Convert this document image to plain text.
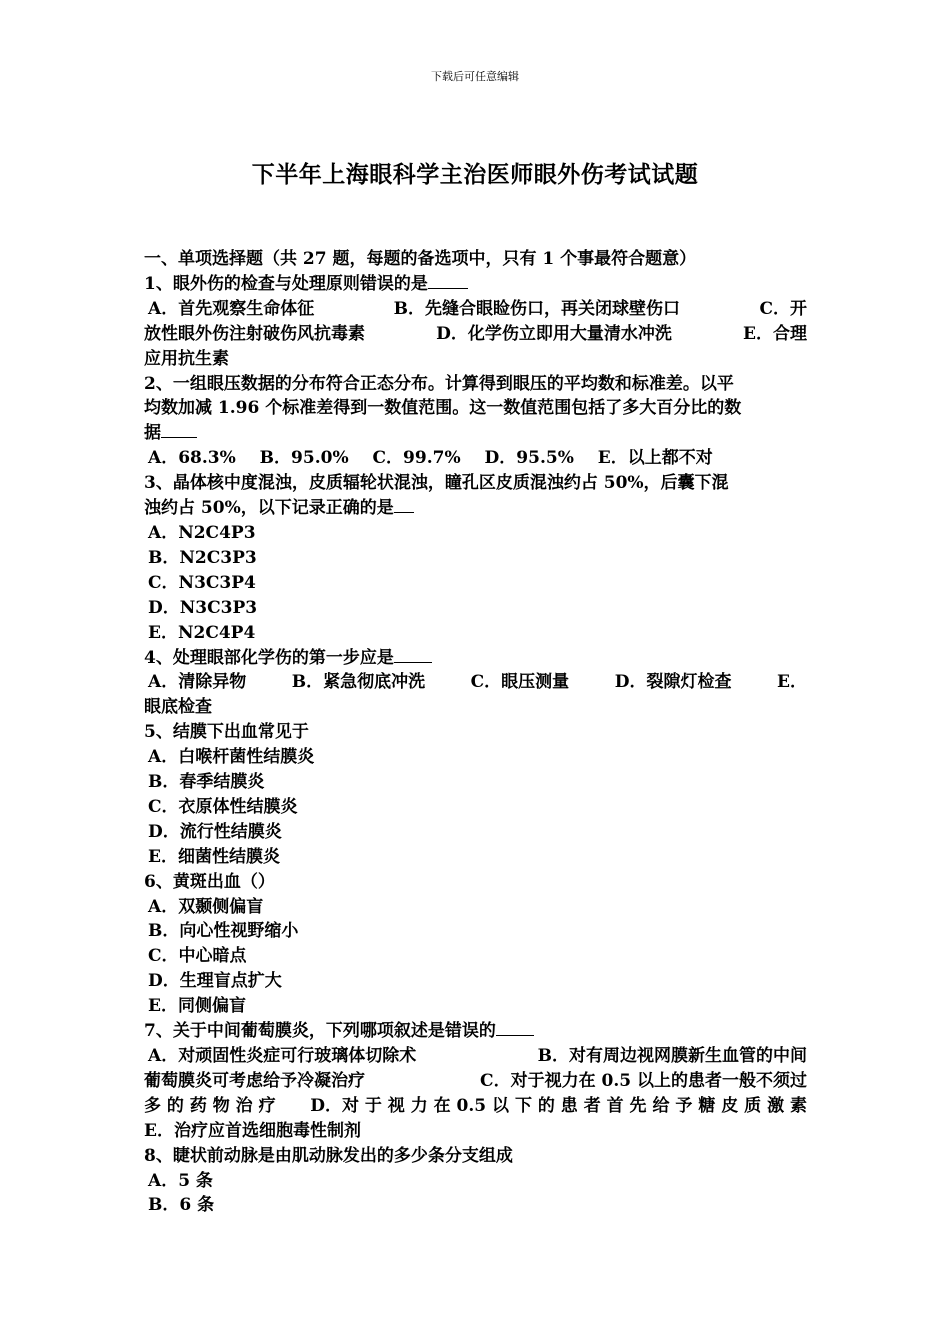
下载后可任意编辑
下半年上海眼科学主治医师眼外伤考试试题
一、单项选择题（共 27 题，每题的备选项中，只有 1 个事最符合题意）
1、眼外伤的检查与处理原则错误的是
A．首先观察生命体征	B．先缝合眼睑伤口，再关闭球壁伤口	C．开
放性眼外伤注射破伤风抗毒素	D．化学伤立即用大量清水冲洗	E．合理
应用抗生素
2、一组眼压数据的分布符合正态分布。计算得到眼压的平均数和标准差。以平
均数加减 1.96 个标准差得到一数值范围。这一数值范围包括了多大百分比的数
据
A．68.3% B．95.0% C．99.7% D．95.5% E．以上都不对
3、晶体核中度混浊，皮质辐轮状混浊，瞳孔区皮质混浊约占 50%，后囊下混
浊约占 50%，以下记录正确的是
A．N2C4P3
B．N2C3P3
C．N3C3P4
D．N3C3P3
E．N2C4P4
4、处理眼部化学伤的第一步应是
A．清除异物	B．紧急彻底冲洗	C．眼压测量	D．裂隙灯检查	E．
眼底检查
5、结膜下出血常见于
A．白喉杆菌性结膜炎
B．春季结膜炎
C．衣原体性结膜炎
D．流行性结膜炎
E．细菌性结膜炎
6、黄斑出血（）
A．双颞侧偏盲
B．向心性视野缩小
C．中心暗点
D．生理盲点扩大
E．同侧偏盲
7、关于中间葡萄膜炎，下列哪项叙述是错误的
A．对顽固性炎症可行玻璃体切除术	B．对有周边视网膜新生血管的中间
葡萄膜炎可考虑给予冷凝治疗	C．对于视力在 0.5 以上的患者一般不须过
多 的 药 物 治 疗 D．对 于 视 力 在 0.5 以 下 的 患 者 首 先 给 予 糖 皮 质 激 素
E．治疗应首选细胞毒性制剂
8、睫状前动脉是由肌动脉发出的多少条分支组成
A．5 条
B．6 条
